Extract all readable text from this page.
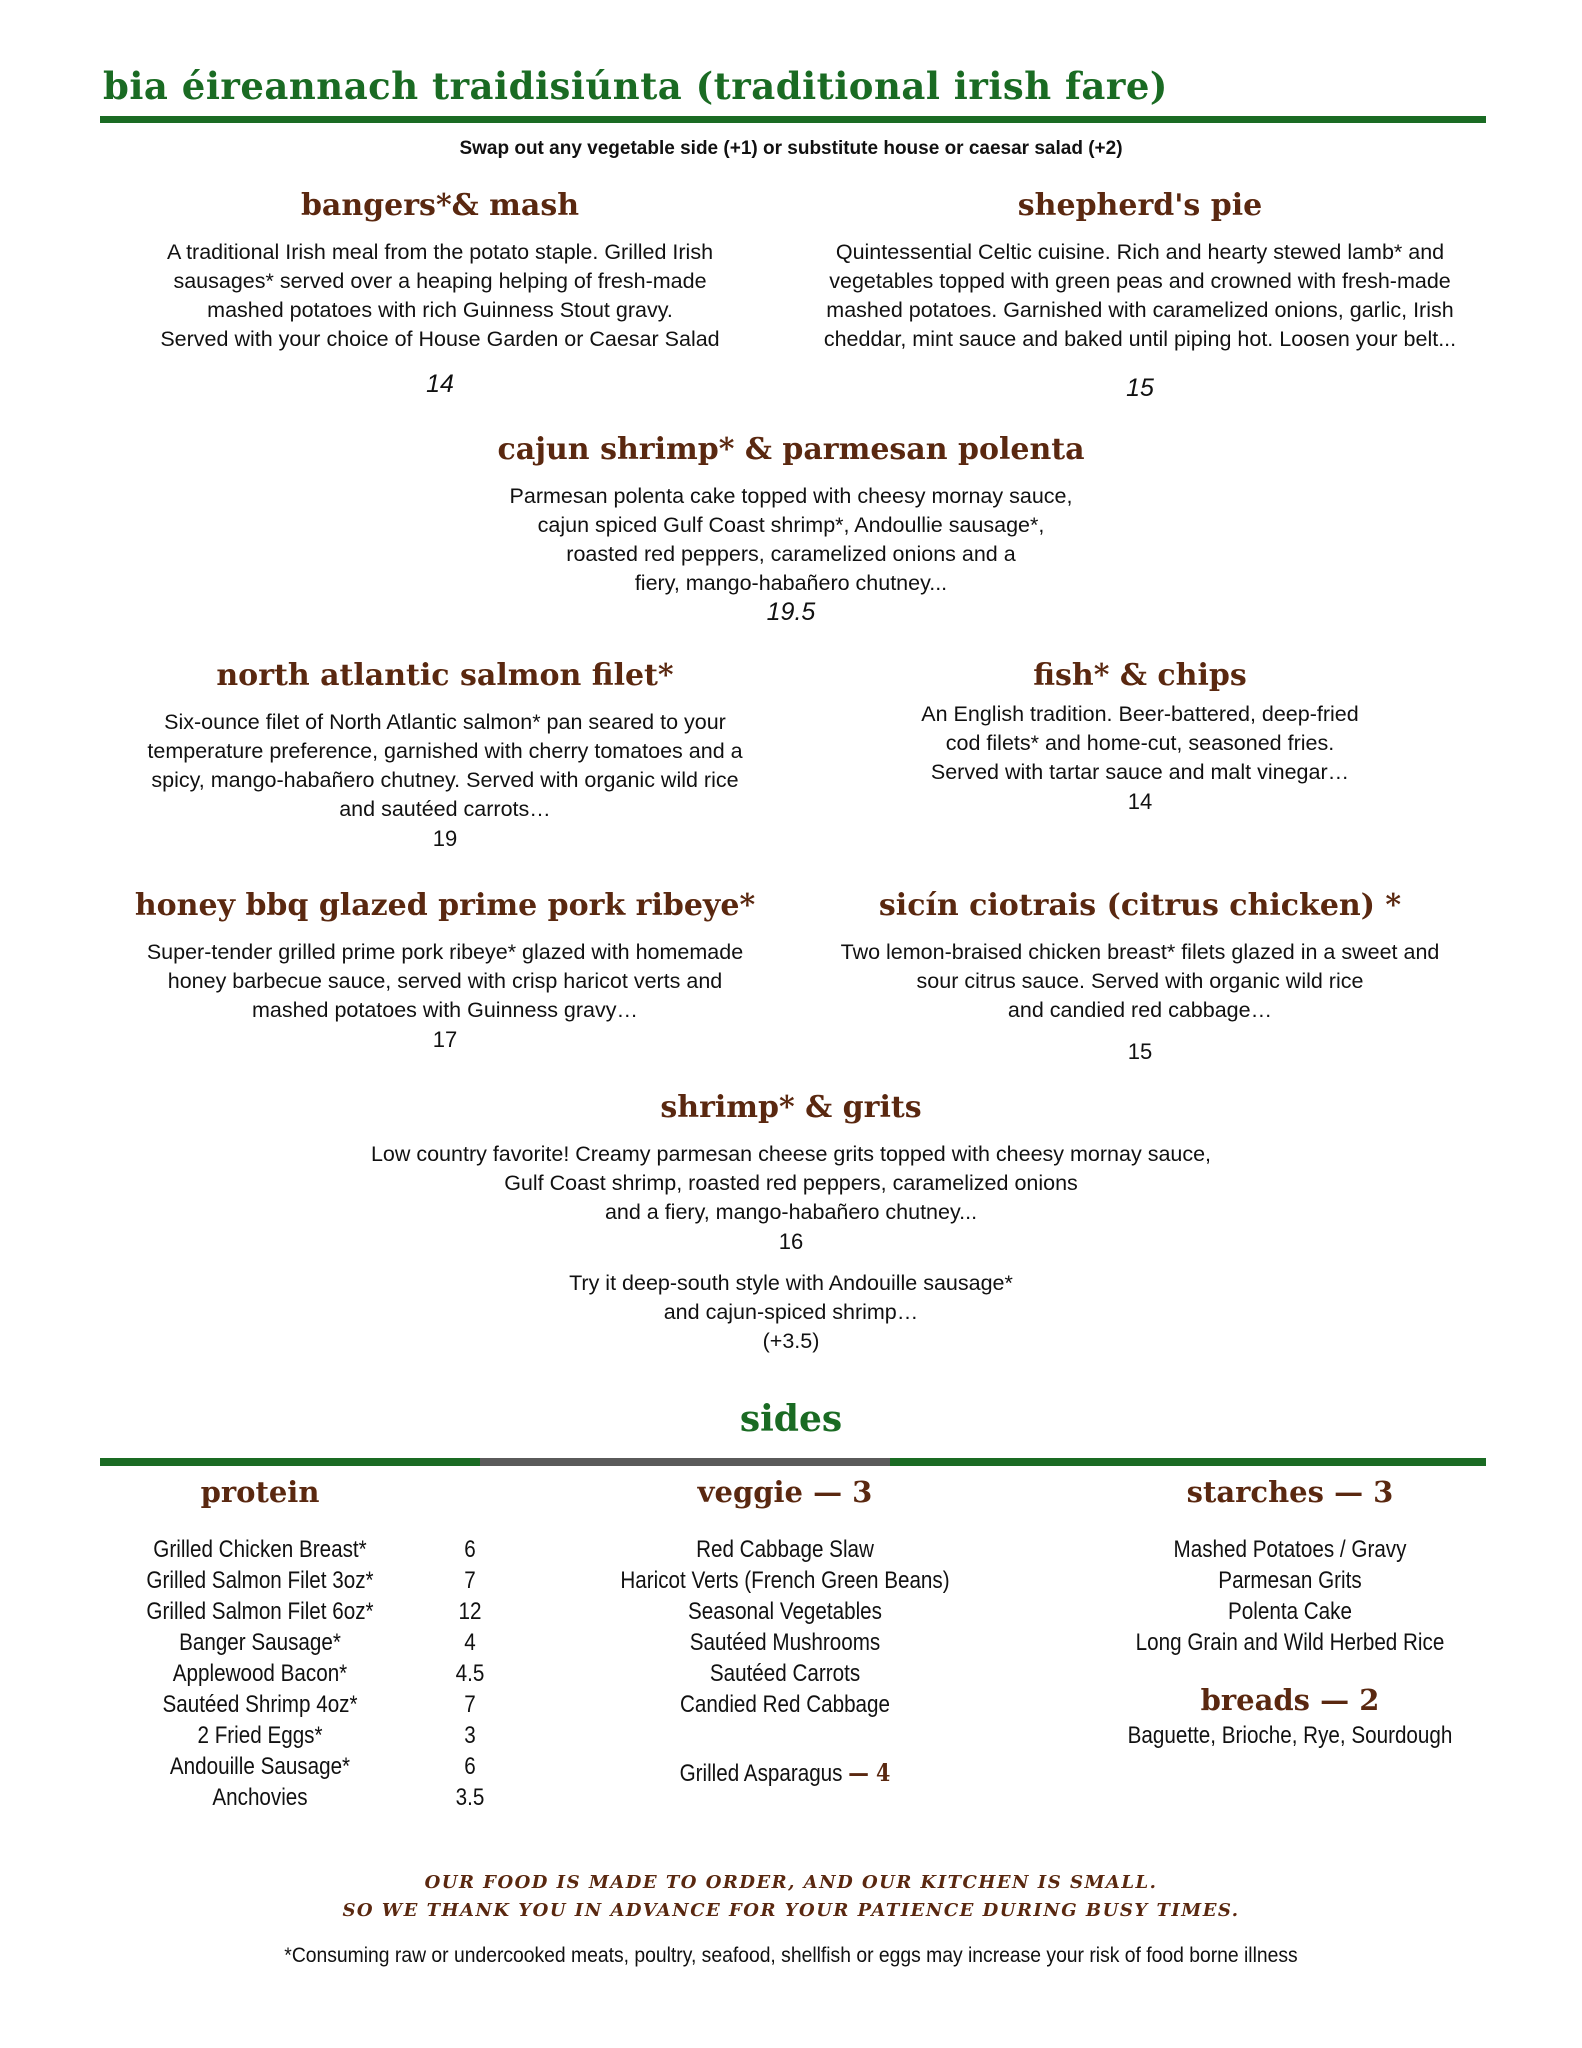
bia éireannach traidisiúnta (traditional irish fare)
Swap out any vegetable side (+1) or substitute house or caesar salad (+2)
bangers*& mash
A traditional Irish meal from the potato staple. Grilled Irish
sausages* served over a heaping helping of fresh-made
mashed potatoes with rich Guinness Stout gravy.
Served with your choice of House Garden or Caesar Salad
14
shepherd's pie
Quintessential Celtic cuisine. Rich and hearty stewed lamb* and
vegetables topped with green peas and crowned with fresh-made
mashed potatoes. Garnished with caramelized onions, garlic, Irish
cheddar, mint sauce and baked until piping hot. Loosen your belt...
15
cajun shrimp* & parmesan polenta
Parmesan polenta cake topped with cheesy mornay sauce,
cajun spiced Gulf Coast shrimp*, Andoullie sausage*,
roasted red peppers, caramelized onions and a
fiery, mango-habañero chutney...
19.5
north atlantic salmon filet*
Six-ounce filet of North Atlantic salmon* pan seared to your
temperature preference, garnished with cherry tomatoes and a
spicy, mango-habañero chutney. Served with organic wild rice
and sautéed carrots…
19
fish* & chips
An English tradition. Beer-battered, deep-fried
cod filets* and home-cut, seasoned fries.
Served with tartar sauce and malt vinegar…
14
honey bbq glazed prime pork ribeye*
Super-tender grilled prime pork ribeye* glazed with homemade
honey barbecue sauce, served with crisp haricot verts and
mashed potatoes with Guinness gravy…
17
sicín ciotrais (citrus chicken) *
Two lemon-braised chicken breast* filets glazed in a sweet and
sour citrus sauce. Served with organic wild rice
and candied red cabbage…
15
shrimp* & grits
Low country favorite! Creamy parmesan cheese grits topped with cheesy mornay sauce,
Gulf Coast shrimp, roasted red peppers, caramelized onions
and a fiery, mango-habañero chutney...
16
Try it deep-south style with Andouille sausage*
and cajun-spiced shrimp…
(+3.5)
sides
protein
Grilled Chicken Breast*	6
Grilled Salmon Filet 3oz*	7
Grilled Salmon Filet 6oz*	12
Banger Sausage*	4
Applewood Bacon*	4.5
Sautéed Shrimp 4oz*	7
2 Fried Eggs*	3
Andouille Sausage*	6
Anchovies	3.5
veggie — 3
Red Cabbage Slaw
Haricot Verts (French Green Beans)
Seasonal Vegetables
Sautéed Mushrooms
Sautéed Carrots
Candied Red Cabbage
Grilled Asparagus — 4
starches — 3
Mashed Potatoes / Gravy
Parmesan Grits
Polenta Cake
Long Grain and Wild Herbed Rice
breads — 2
Baguette, Brioche, Rye, Sourdough
OUR FOOD IS MADE TO ORDER, AND OUR KITCHEN IS SMALL.
SO WE THANK YOU IN ADVANCE FOR YOUR PATIENCE DURING BUSY TIMES.
*Consuming raw or undercooked meats, poultry, seafood, shellfish or eggs may increase your risk of food borne illness
